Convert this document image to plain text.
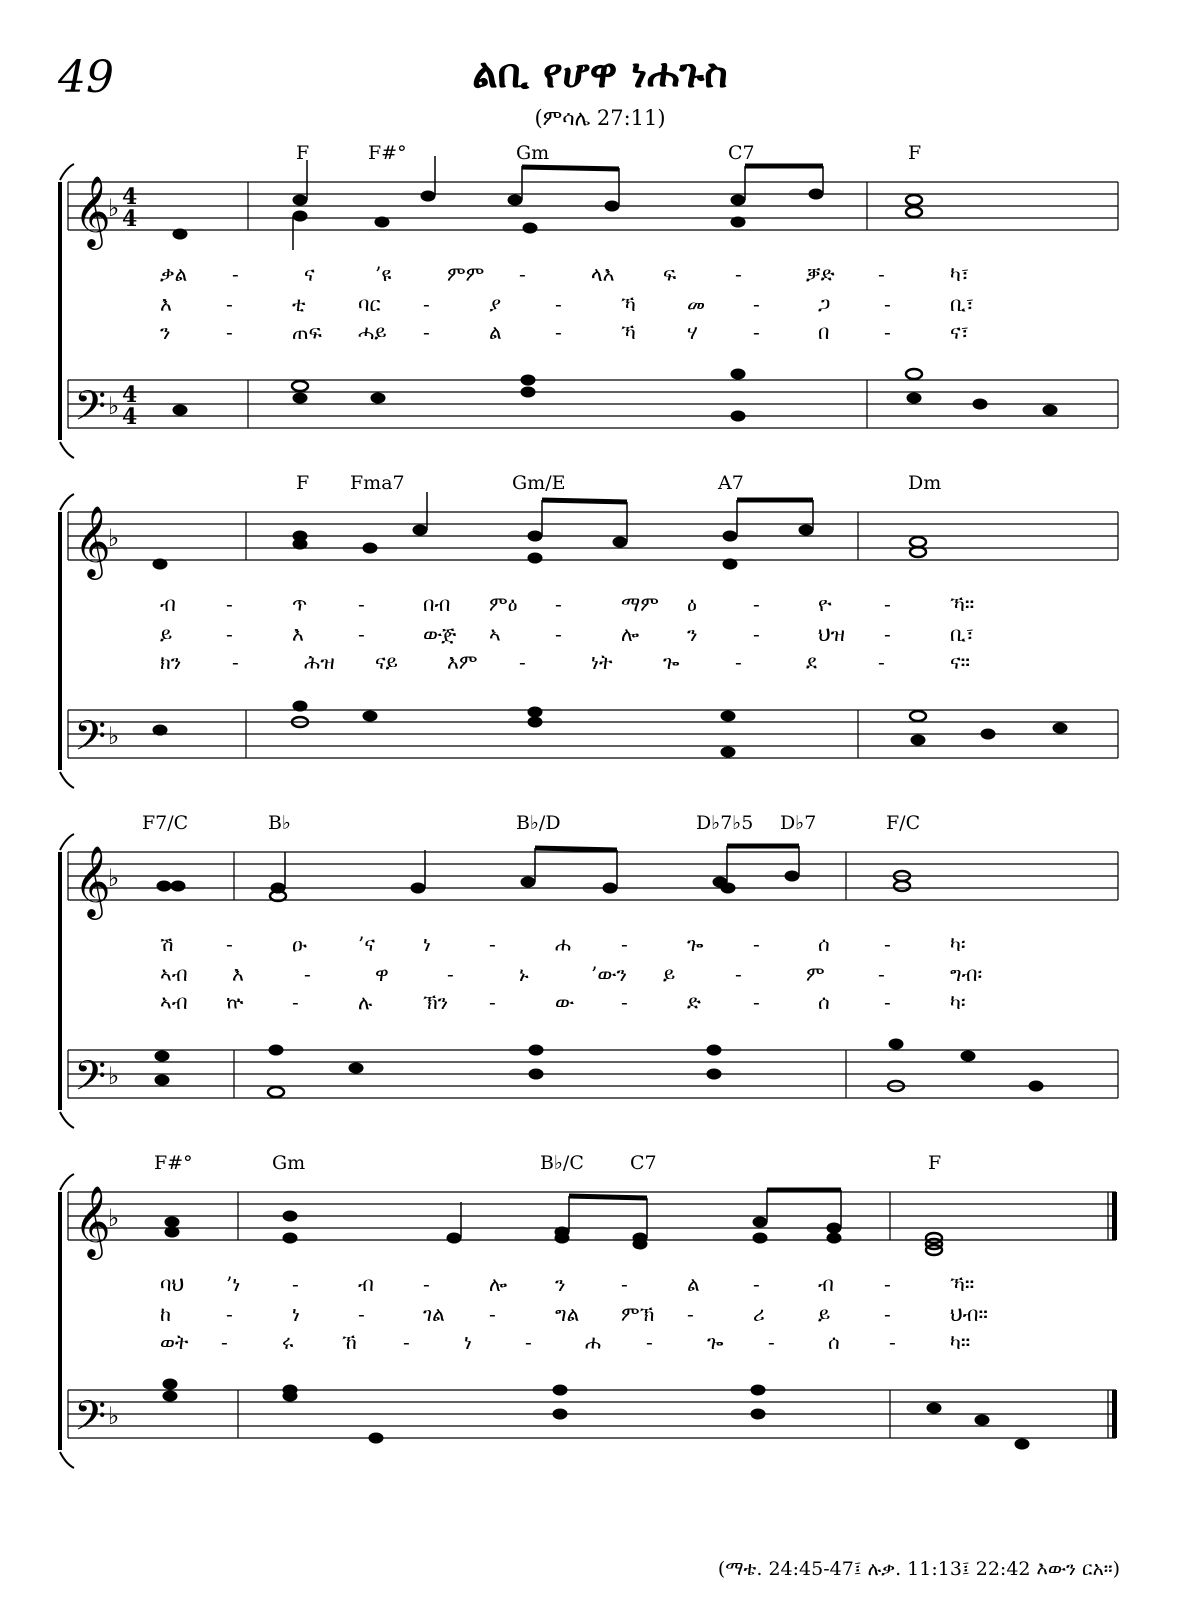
49	ልቢ የሆዋ ነሐጉስ
(ምሳሌ 27:11)
𝄞
𝄢
♭
♭
4
4
4
4
F	F#°	Gm	C7	F
ቃል -	ና	’ዩ	ምም -	ላእ ፍ	-	ቓድ -	ካ፣
እ	-	ቲ	ባር -	ያ	-	ኻ	መ -	ጋ	-	ቢ፣
ን	-	ጠፍ ሓይ -	ል	-	ኻ	ሃ	-	በ	-	ና፣
𝄞
𝄢
♭
♭
F Fma7	Gm/E	A7	Dm
ብ	-	ጥ	-	በብ ምዕ -	ማም ዕ	-	ዮ	-	ኻ።
ይ	-	እ	-	ውጅ ኣ	-	ሎ ን	-	ህዝ -	ቢ፣
ክን	-	ሕዝ ናይ እም -	ነት	ጐ	-	ደ	-	ና።
𝄞
𝄢
♭
♭
F7/C	B♭	B♭/D	D♭7♭5 D♭7	F/C
ሽ	-	ዑ	’ና ነ	-	ሐ -	ጐ -	ሰ	-	ካ፡
ኣብ እ	-	ዋ	-	ኑ	’ውን ይ	-	ም	-	ግብ፡
ኣብ ኵ -	ሉ	ኽን -	ው -	ድ	-	ሰ	-	ካ፡
𝄞
𝄢
♭
♭
F#°	Gm	B♭/C C7	F
ባህ ’ነ	-	ብ -	ሎ ን	-	ል	-	ብ	-	ኻ።
ከ	-	ነ	-	ገል -	ግል ምኽ -	ሪ	ይ	-	ህብ።
ወት -	ሩ ኸ -	ነ	-	ሐ -	ጐ -	ሰ -	ካ።
(ማቴ. 24:45-47፤ ሉቃ. 11:13፤ 22:42 እውን ርአ።)
